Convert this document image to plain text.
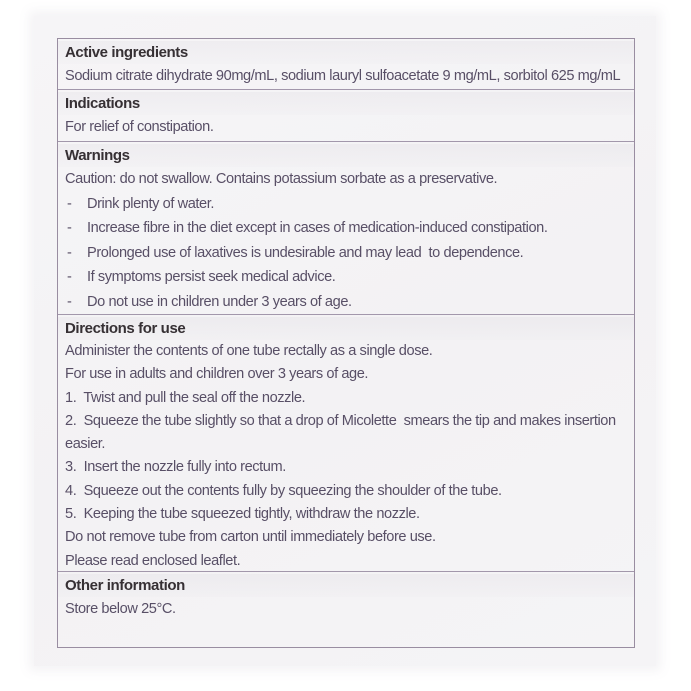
Active ingredients

Sodium citrate dihydrate 90mg/mL, sodium lauryl sulfoacetate 9 mg/mL, sorbitol 625 mg/mL

Indications

For relief of constipation.

Warnings

Caution: do not swallow. Contains potassium sorbate as a preservative.

-	Drink plenty of water.

-	Increase fibre in the diet except in cases of medication-induced constipation.

-	Prolonged use of laxatives is undesirable and may lead  to dependence.

-	If symptoms persist seek medical advice.

-	Do not use in children under 3 years of age.

Directions for use

Administer the contents of one tube rectally as a single dose.

For use in adults and children over 3 years of age.

1.  Twist and pull the seal off the nozzle.

2.  Squeeze the tube slightly so that a drop of Micolette  smears the tip and makes insertion

easier.

3.  Insert the nozzle fully into rectum.

4.  Squeeze out the contents fully by squeezing the shoulder of the tube.

5.  Keeping the tube squeezed tightly, withdraw the nozzle.

Do not remove tube from carton until immediately before use.

Please read enclosed leaflet.

Other information

Store below 25°C.
